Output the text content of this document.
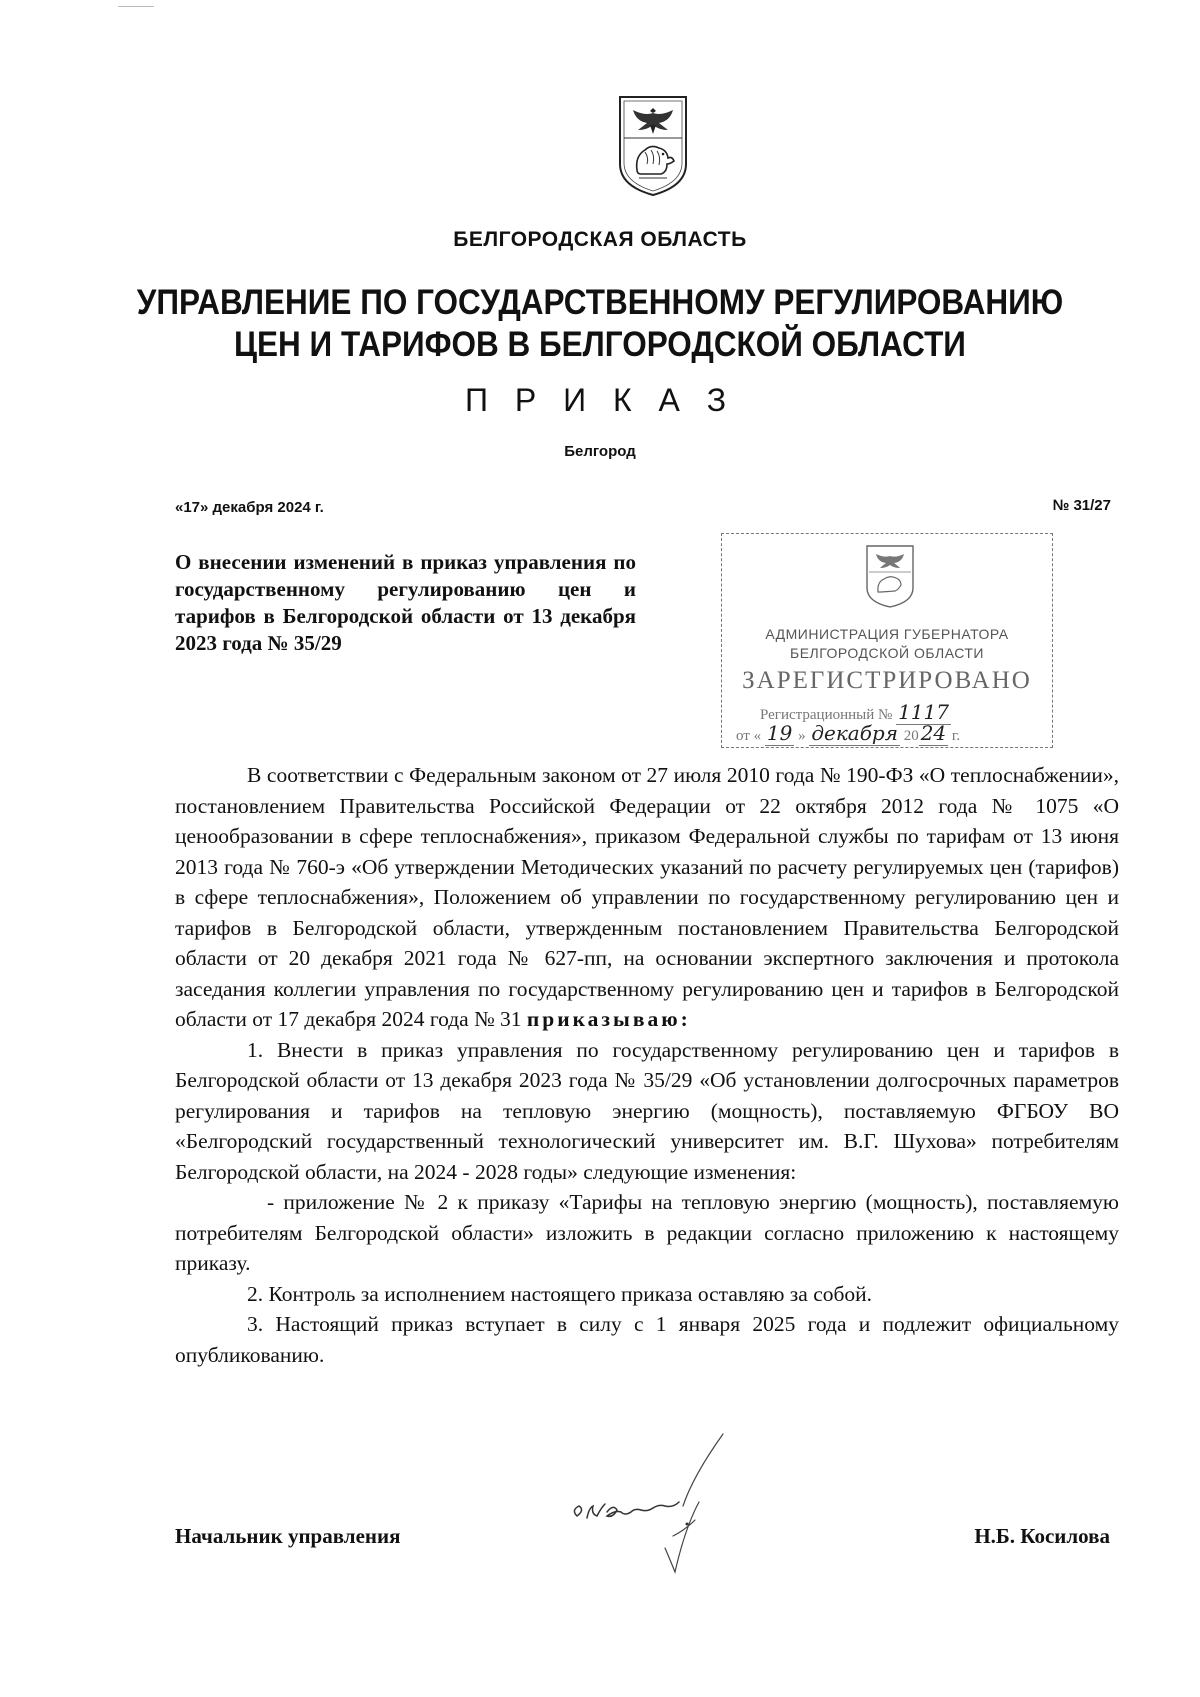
БЕЛГОРОДСКАЯ ОБЛАСТЬ
УПРАВЛЕНИЕ ПО ГОСУДАРСТВЕННОМУ РЕГУЛИРОВАНИЮ
ЦЕН И ТАРИФОВ В БЕЛГОРОДСКОЙ ОБЛАСТИ
П Р И К А З
Белгород
«17» декабря 2024 г.	№ 31/27
О внесении изменений в приказ управления по государственному регулированию цен и тарифов в Белгородской области от 13 декабря 2023 года № 35/29	АДМИНИСТРАЦИЯ ГУБЕРНАТОРА
БЕЛГОРОДСКОЙ ОБЛАСТИ
ЗАРЕГИСТРИРОВАНО
Регистрационный № 1117
от « 19 » декабря 20 24 г.

В соответствии с Федеральным законом от 27 июля 2010 года № 190-ФЗ «О теплоснабжении», постановлением Правительства Российской Федерации от 22 октября 2012 года № 1075 «О ценообразовании в сфере теплоснабжения», приказом Федеральной службы по тарифам от 13 июня 2013 года № 760-э «Об утверждении Методических указаний по расчету регулируемых цен (тарифов) в сфере теплоснабжения», Положением об управлении по государственному регулированию цен и тарифов в Белгородской области, утвержденным постановлением Правительства Белгородской области от 20 декабря 2021 года № 627-пп, на основании экспертного заключения и протокола заседания коллегии управления по государственному регулированию цен и тарифов в Белгородской области от 17 декабря 2024 года № 31 приказываю:

1. Внести в приказ управления по государственному регулированию цен и тарифов в Белгородской области от 13 декабря 2023 года № 35/29 «Об установлении долгосрочных параметров регулирования и тарифов на тепловую энергию (мощность), поставляемую ФГБОУ ВО «Белгородский государственный технологический университет им. В.Г. Шухова» потребителям Белгородской области, на 2024 - 2028 годы» следующие изменения:

- приложение № 2 к приказу «Тарифы на тепловую энергию (мощность), поставляемую потребителям Белгородской области» изложить в редакции согласно приложению к настоящему приказу.

2. Контроль за исполнением настоящего приказа оставляю за собой.

3. Настоящий приказ вступает в силу с 1 января 2025 года и подлежит официальному опубликованию.

Начальник управления	Н.Б. Косилова
